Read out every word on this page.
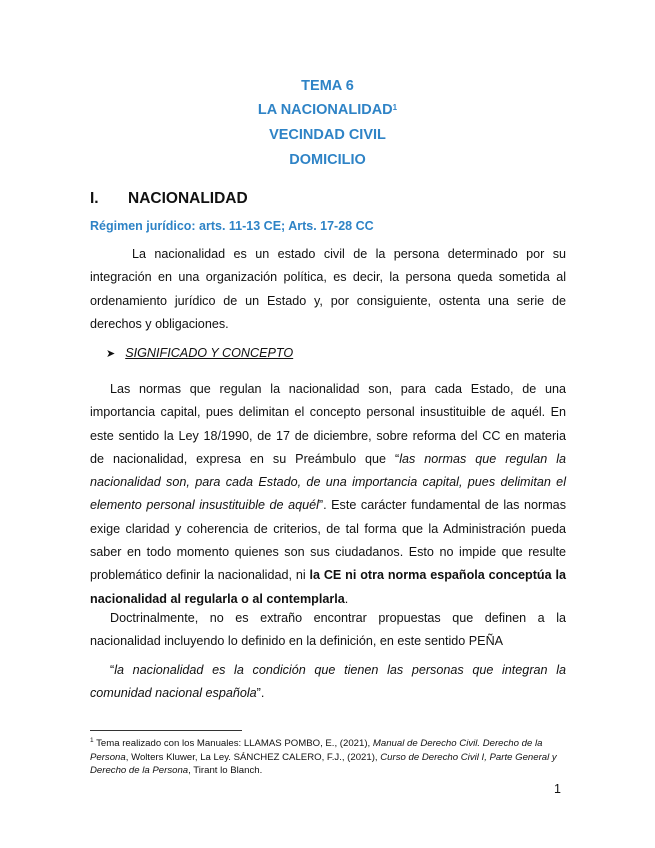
TEMA 6
LA NACIONALIDAD$^1$
VECINDAD CIVIL
DOMICILIO
I. NACIONALIDAD
Régimen jurídico: arts. 11-13 CE; Arts. 17-28 CC

La nacionalidad es un estado civil de la persona determinado por su integración en una organización política, es decir, la persona queda sometida al ordenamiento jurídico de un Estado y, por consiguiente, ostenta una serie de derechos y obligaciones.

➤ SIGNIFICADO Y CONCEPTO

Las normas que regulan la nacionalidad son, para cada Estado, de una importancia capital, pues delimitan el concepto personal insustituible de aquél. En este sentido la Ley 18/1990, de 17 de diciembre, sobre reforma del CC en materia de nacionalidad, expresa en su Preámbulo que “las normas que regulan la nacionalidad son, para cada Estado, de una importancia capital, pues delimitan el elemento personal insustituible de aquél”. Este carácter fundamental de las normas exige claridad y coherencia de criterios, de tal forma que la Administración pueda saber en todo momento quienes son sus ciudadanos. Esto no impide que resulte problemático definir la nacionalidad, ni la CE ni otra norma española conceptúa la nacionalidad al regularla o al contemplarla.

Doctrinalmente, no es extraño encontrar propuestas que definen a la nacionalidad incluyendo lo definido en la definición, en este sentido PEÑA

“la nacionalidad es la condición que tienen las personas que integran la comunidad nacional española”.

$^1$ Tema realizado con los Manuales: LLAMAS POMBO, E., (2021), Manual de Derecho Civil. Derecho de la Persona, Wolters Kluwer, La Ley. SÁNCHEZ CALERO, F.J., (2021), Curso de Derecho Civil I, Parte General y Derecho de la Persona, Tirant lo Blanch.

1
